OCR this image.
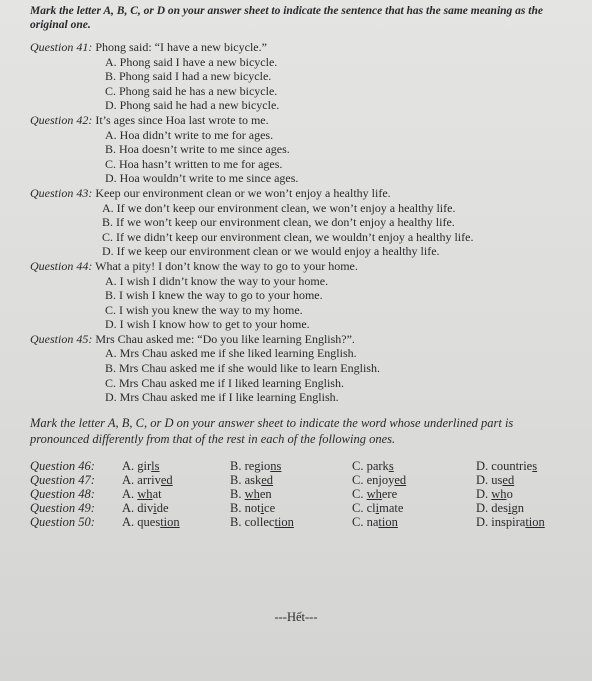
Mark the letter A, B, C, or D on your answer sheet to indicate the sentence that has the same meaning as the original one.

Question 41: Phong said: “I have a new bicycle.”

A. Phong said I have a new bicycle.

B. Phong said I had a new bicycle.

C. Phong said he has a new bicycle.

D. Phong said he had a new bicycle.

Question 42: It’s ages since Hoa last wrote to me.

A. Hoa didn’t write to me for ages.

B. Hoa doesn’t write to me since ages.

C. Hoa hasn’t written to me for ages.

D. Hoa wouldn’t write to me since ages.

Question 43: Keep our environment clean or we won’t enjoy a healthy life.

A. If we don’t keep our environment clean, we won’t enjoy a healthy life.

B. If we won’t keep our environment clean, we don’t enjoy a healthy life.

C. If we didn’t keep our environment clean, we wouldn’t enjoy a healthy life.

D. If we keep our environment clean or we would enjoy a healthy life.

Question 44: What a pity! I don’t know the way to go to your home.

A. I wish I didn’t know the way to your home.

B. I wish I knew the way to go to your home.

C. I wish you knew the way to my home.

D. I wish I know how to get to your home.

Question 45: Mrs Chau asked me: “Do you like learning English?”.

A. Mrs Chau asked me if she liked learning English.

B. Mrs Chau asked me if she would like to learn English.

C. Mrs Chau asked me if I liked learning English.

D. Mrs Chau asked me if I like learning English.

Mark the letter A, B, C, or D on your answer sheet to indicate the word whose underlined part is pronounced differently from that of the rest in each of the following ones.

Question 46:	A. girls	B. regions	C. parks	D. countries
Question 47:	A. arrived	B. asked	C. enjoyed	D. used
Question 48:	A. what	B. when	C. where	D. who
Question 49:	A. divide	B. notice	C. climate	D. design
Question 50:	A. question	B. collection	C. nation	D. inspiration
---Hết---
